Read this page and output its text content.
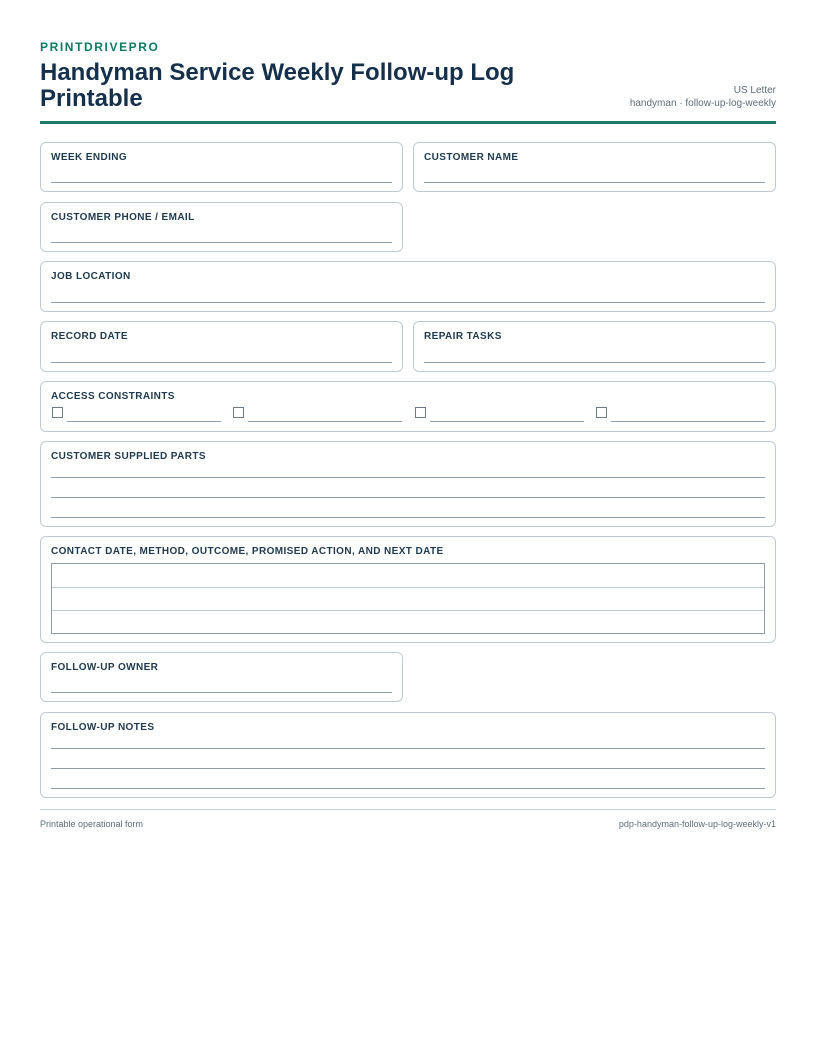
PRINTDRIVEPRO
Handyman Service Weekly Follow-up Log Printable	US Letter
handyman · follow-up-log-weekly
WEEK ENDING	CUSTOMER NAME
CUSTOMER PHONE / EMAIL
JOB LOCATION
RECORD DATE	REPAIR TASKS
ACCESS CONSTRAINTS
CUSTOMER SUPPLIED PARTS
CONTACT DATE, METHOD, OUTCOME, PROMISED ACTION, AND NEXT DATE
FOLLOW-UP OWNER
FOLLOW-UP NOTES
Printable operational form	pdp-handyman-follow-up-log-weekly-v1
